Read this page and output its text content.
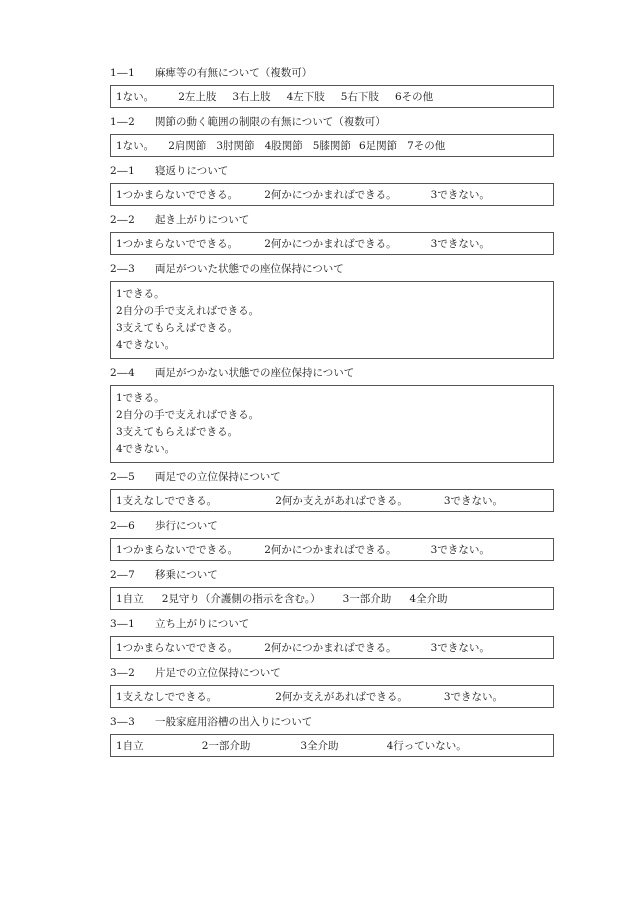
1―1 麻痺等の有無について（複数可）
1ない。 2左上肢 3右上肢 4左下肢 5右下肢 6その他
1―2 関節の動く範囲の制限の有無について（複数可）
1ない。 2肩関節 3肘関節 4股関節 5膝関節 6足関節 7その他
2―1 寝返りについて
1つかまらないでできる。 2何かにつかまればできる。	3できない。
2―2 起き上がりについて
1つかまらないでできる。 2何かにつかまればできる。	3できない。
2―3 両足がついた状態での座位保持について
1できる。
2自分の手で支えればできる。
3支えてもらえばできる。
4できない。
2―4 両足がつかない状態での座位保持について
1できる。
2自分の手で支えればできる。
3支えてもらえばできる。
4できない。
2―5 両足での立位保持について
1支えなしでできる。	2何か支えがあればできる。	3できない。
2―6 歩行について
1つかまらないでできる。 2何かにつかまればできる。	3できない。
2―7 移乗について
1自立 2見守り（介護側の指示を含む。） 3一部介助 4全介助
3―1 立ち上がりについて
1つかまらないでできる。 2何かにつかまればできる。	3できない。
3―2 片足での立位保持について
1支えなしでできる。	2何か支えがあればできる。	3できない。
3―3 一般家庭用浴槽の出入りについて
1自立	2一部介助	3全介助	4行っていない。
